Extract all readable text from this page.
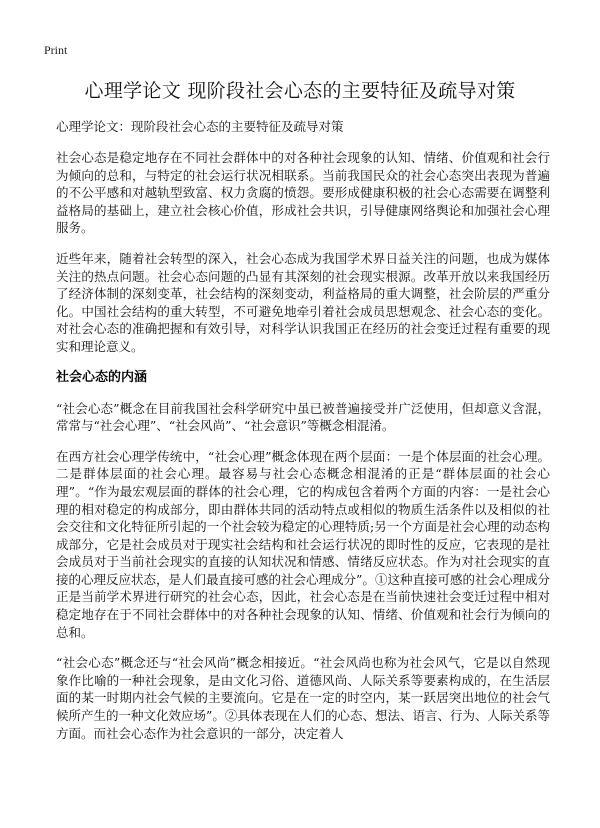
Print
心理学论文 现阶段社会心态的主要特征及疏导对策

心理学论文：现阶段社会心态的主要特征及疏导对策

社会心态是稳定地存在不同社会群体中的对各种社会现象的认知、情绪、价值观和社会行为倾向的总和，与特定的社会运行状况相联系。当前我国民众的社会心态突出表现为普遍的不公平感和对越轨型致富、权力贪腐的愤怨。要形成健康积极的社会心态需要在调整利益格局的基础上，建立社会核心价值，形成社会共识，引导健康网络舆论和加强社会心理服务。

近些年来，随着社会转型的深入，社会心态成为我国学术界日益关注的问题，也成为媒体关注的热点问题。社会心态问题的凸显有其深刻的社会现实根源。改革开放以来我国经历了经济体制的深刻变革，社会结构的深刻变动，利益格局的重大调整，社会阶层的严重分化。中国社会结构的重大转型，不可避免地牵引着社会成员思想观念、社会心态的变化。对社会心态的准确把握和有效引导，对科学认识我国正在经历的社会变迁过程有重要的现实和理论意义。

社会心态的内涵

“社会心态”概念在目前我国社会科学研究中虽已被普遍接受并广泛使用，但却意义含混，常常与“社会心理”、“社会风尚”、“社会意识”等概念相混淆。

在西方社会心理学传统中，“社会心理”概念体现在两个层面：一是个体层面的社会心理。二是群体层面的社会心理。最容易与社会心态概念相混淆的正是“群体层面的社会心理”。“作为最宏观层面的群体的社会心理，它的构成包含着两个方面的内容：一是社会心理的相对稳定的构成部分，即由群体共同的活动特点或相似的物质生活条件以及相似的社会交往和文化特征所引起的一个社会较为稳定的心理特质;另一个方面是社会心理的动态构成部分，它是社会成员对于现实社会结构和社会运行状况的即时性的反应，它表现的是社会成员对于当前社会现实的直接的认知状况和情感、情绪反应状态。作为对社会现实的直接的心理反应状态，是人们最直接可感的社会心理成分”。①这种直接可感的社会心理成分正是当前学术界进行研究的社会心态，因此，社会心态是在当前快速社会变迁过程中相对稳定地存在于不同社会群体中的对各种社会现象的认知、情绪、价值观和社会行为倾向的总和。

“社会心态”概念还与“社会风尚”概念相接近。“社会风尚也称为社会风气，它是以自然现象作比喻的一种社会现象，是由文化习俗、道德风尚、人际关系等要素构成的，在生活层面的某一时期内社会气候的主要流向。它是在一定的时空内，某一跃居突出地位的社会气候所产生的一种文化效应场”。②具体表现在人们的心态、想法、语言、行为、人际关系等方面。而社会心态作为社会意识的一部分，决定着人
